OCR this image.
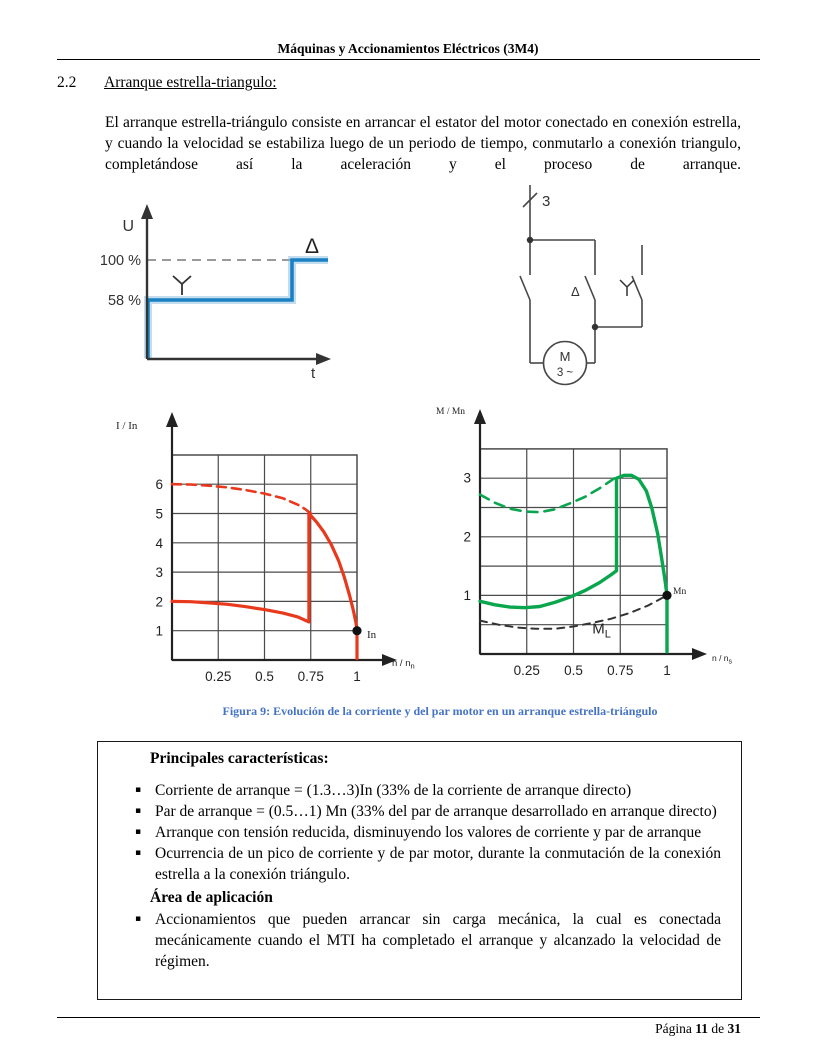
Máquinas y Accionamientos Eléctricos (3M4)
2.2 Arranque estrella-triangulo:

El arranque estrella-triángulo consiste en arrancar el estator del motor conectado en conexión estrella, y cuando la velocidad se estabiliza luego de un periodo de tiempo, conmutarlo a conexión triangulo, completándose así la aceleración y el proceso de arranque.

U
100 %
58 %
t
Δ
3
Δ
M
3 ~
1
2
3
4
5
6
0.25 0.5 0.75 1
I / In
n / $n_n$
In
1
2
3
0.25 0.5 0.75 1
M / Mn
n / $n_s$
Mn
$M_L$
Figura 9: Evolución de la corriente y del par motor en un arranque estrella-triángulo
Principales características:
▪ Corriente de arranque = (1.3…3)In (33% de la corriente de arranque directo)
▪ Par de arranque = (0.5…1) Mn (33% del par de arranque desarrollado en arranque directo)
▪ Arranque con tensión reducida, disminuyendo los valores de corriente y par de arranque
▪ Ocurrencia de un pico de corriente y de par motor, durante la conmutación de la conexión estrella a la conexión triángulo.
Área de aplicación
▪ Accionamientos que pueden arrancar sin carga mecánica, la cual es conectada mecánicamente cuando el MTI ha completado el arranque y alcanzado la velocidad de régimen.
Página 11 de 31
